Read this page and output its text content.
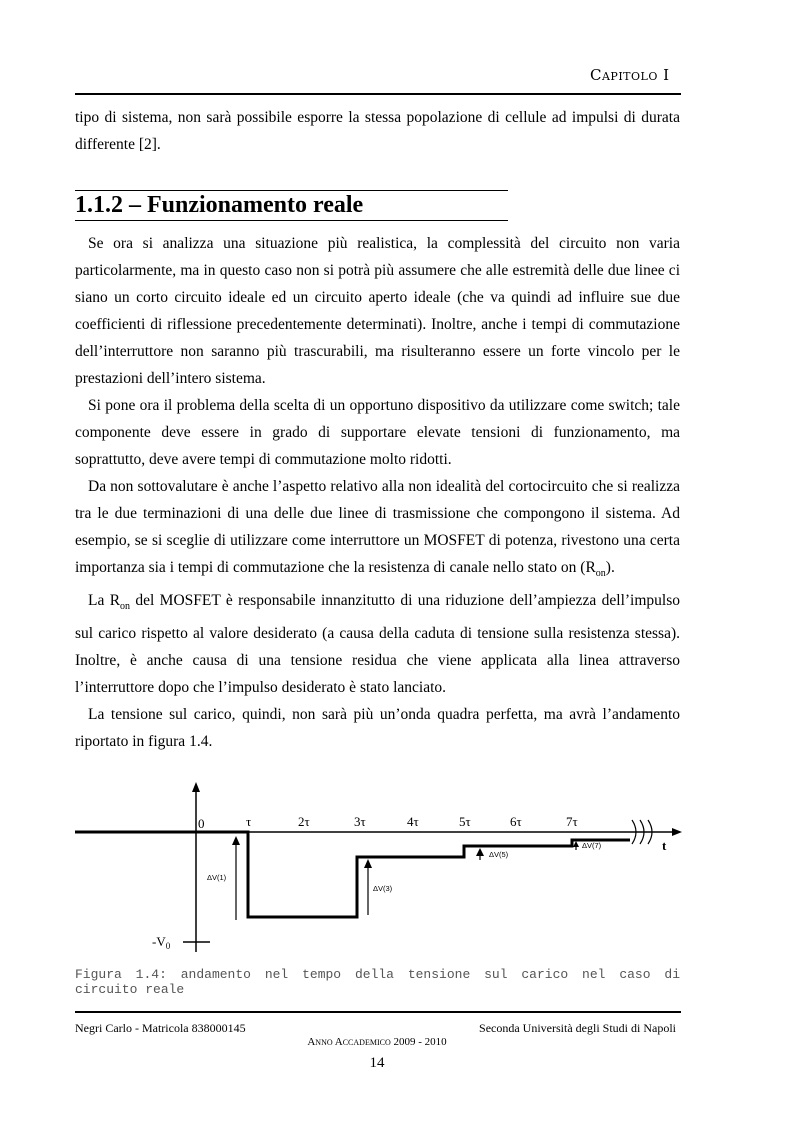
Capitolo I

tipo di sistema, non sarà possibile esporre la stessa popolazione di cellule ad impulsi di durata differente [2].

1.1.2 – Funzionamento reale

Se ora si analizza una situazione più realistica, la complessità del circuito non varia particolarmente, ma in questo caso non si potrà più assumere che alle estremità delle due linee ci siano un corto circuito ideale ed un circuito aperto ideale (che va quindi ad influire sue due coefficienti di riflessione precedentemente determinati). Inoltre, anche i tempi di commutazione dell’interruttore non saranno più trascurabili, ma risulteranno essere un forte vincolo per le prestazioni dell’intero sistema.

Si pone ora il problema della scelta di un opportuno dispositivo da utilizzare come switch; tale componente deve essere in grado di supportare elevate tensioni di funzionamento, ma soprattutto, deve avere tempi di commutazione molto ridotti.

Da non sottovalutare è anche l’aspetto relativo alla non idealità del cortocircuito che si realizza tra le due terminazioni di una delle due linee di trasmissione che compongono il sistema. Ad esempio, se si sceglie di utilizzare come interruttore un MOSFET di potenza, rivestono una certa importanza sia i tempi di commutazione che la resistenza di canale nello stato on $(R_{on})$.

La $R_{on}$ del MOSFET è responsabile innanzitutto di una riduzione dell’ampiezza dell’impulso sul carico rispetto al valore desiderato (a causa della caduta di tensione sulla resistenza stessa). Inoltre, è anche causa di una tensione residua che viene applicata alla linea attraverso l’interruttore dopo che l’impulso desiderato è stato lanciato.

La tensione sul carico, quindi, non sarà più un’onda quadra perfetta, ma avrà l’andamento riportato in figura 1.4.

0	τ	2τ	3τ	4τ	5τ	6τ	7τ
t
$-V_0$
ΔV(1)
ΔV(3)
ΔV(5)
ΔV(7)
Figura 1.4: andamento nel tempo della tensione sul carico nel caso di circuito reale
Negri Carlo - Matricola 838000145	Seconda Università degli Studi di Napoli
Anno Accademico 2009 - 2010
14
